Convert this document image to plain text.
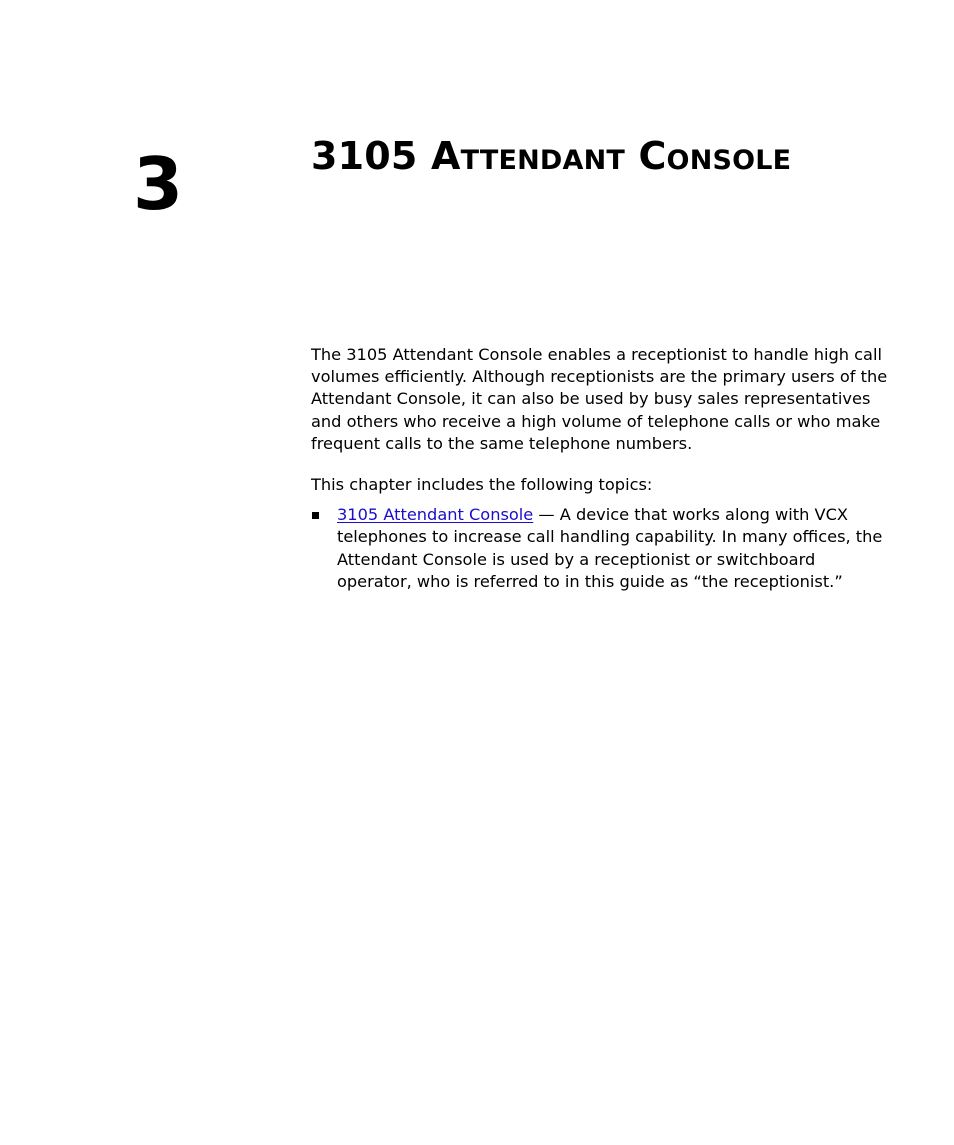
3	3105 Attendant Console

The 3105 Attendant Console enables a receptionist to handle high call volumes efficiently. Although receptionists are the primary users of the Attendant Console, it can also be used by busy sales representatives and others who receive a high volume of telephone calls or who make frequent calls to the same telephone numbers.

This chapter includes the following topics:

3105 Attendant Console — A device that works along with VCX telephones to increase call handling capability. In many offices, the Attendant Console is used by a receptionist or switchboard operator, who is referred to in this guide as “the receptionist.”
